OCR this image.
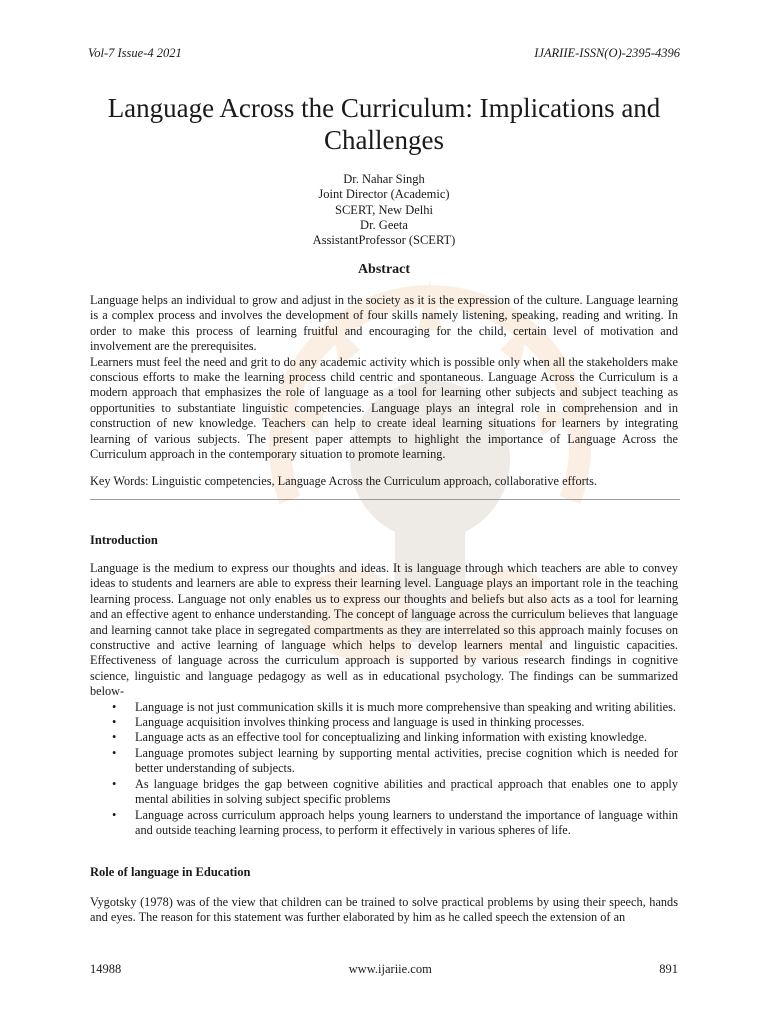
Vol-7 Issue-4 2021	IJARIIE-ISSN(O)-2395-4396
Language Across the Curriculum: Implications and Challenges
Dr. Nahar Singh
Joint Director (Academic)
SCERT, New Delhi
Dr. Geeta
AssistantProfessor (SCERT)
Abstract

Language helps an individual to grow and adjust in the society as it is the expression of the culture. Language learning is a complex process and involves the development of four skills namely listening, speaking, reading and writing. In order to make this process of learning fruitful and encouraging for the child, certain level of motivation and involvement are the prerequisites.

Learners must feel the need and grit to do any academic activity which is possible only when all the stakeholders make conscious efforts to make the learning process child centric and spontaneous. Language Across the Curriculum is a modern approach that emphasizes the role of language as a tool for learning other subjects and subject teaching as opportunities to substantiate linguistic competencies. Language plays an integral role in comprehension and in construction of new knowledge. Teachers can help to create ideal learning situations for learners by integrating learning of various subjects. The present paper attempts to highlight the importance of Language Across the Curriculum approach in the contemporary situation to promote learning.

Key Words: Linguistic competencies, Language Across the Curriculum approach, collaborative efforts.
Introduction

Language is the medium to express our thoughts and ideas. It is language through which teachers are able to convey ideas to students and learners are able to express their learning level. Language plays an important role in the teaching learning process. Language not only enables us to express our thoughts and beliefs but also acts as a tool for learning and an effective agent to enhance understanding. The concept of language across the curriculum believes that language and learning cannot take place in segregated compartments as they are interrelated so this approach mainly focuses on constructive and active learning of language which helps to develop learners mental and linguistic capacities. Effectiveness of language across the curriculum approach is supported by various research findings in cognitive science, linguistic and language pedagogy as well as in educational psychology. The findings can be summarized below-

• Language is not just communication skills it is much more comprehensive than speaking and writing abilities.
• Language acquisition involves thinking process and language is used in thinking processes.
• Language acts as an effective tool for conceptualizing and linking information with existing knowledge.
• Language promotes subject learning by supporting mental activities, precise cognition which is needed for better understanding of subjects.
• As language bridges the gap between cognitive abilities and practical approach that enables one to apply mental abilities in solving subject specific problems
• Language across curriculum approach helps young learners to understand the importance of language within and outside teaching learning process, to perform it effectively in various spheres of life.
Role of language in Education
Vygotsky (1978) was of the view that children can be trained to solve practical problems by using their speech, hands and eyes. The reason for this statement was further elaborated by him as he called speech the extension of an
14988	www.ijariie.com	891
